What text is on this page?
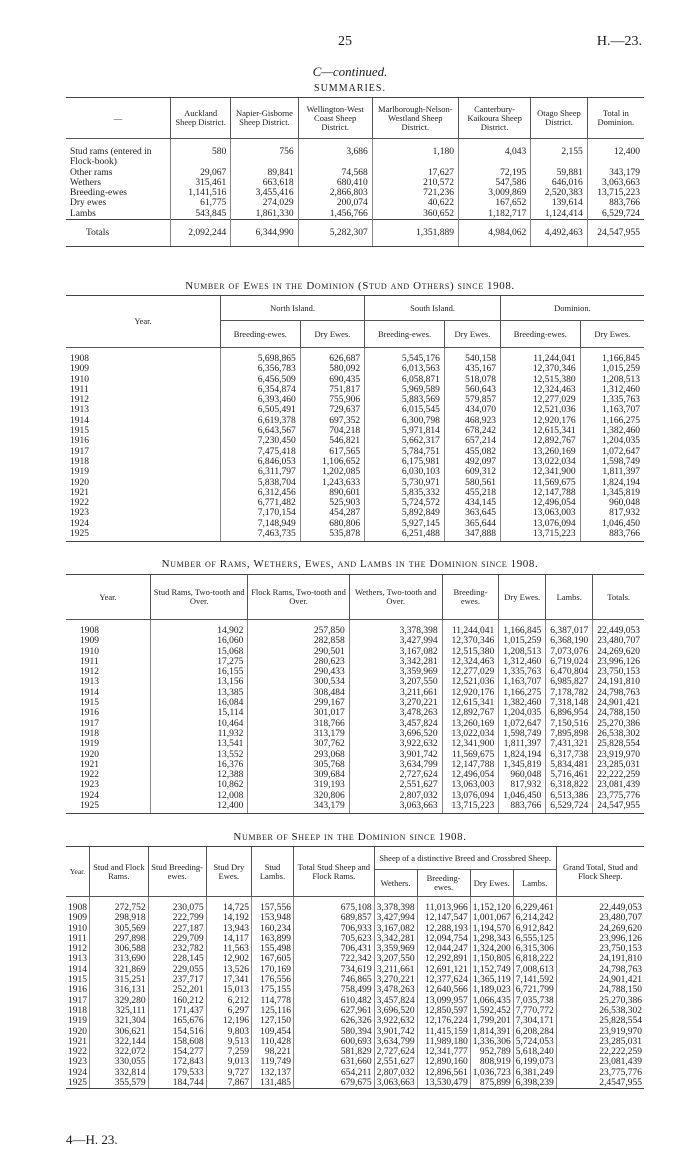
25	H.—23.
C—continued.
SUMMARIES.
—	Auckland Sheep District.	Napier-Gisborne Sheep District.	Wellington-West Coast Sheep District.	Marlborough-Nelson-Westland Sheep District.	Canterbury-Kaikoura Sheep District.	Otago Sheep District.	Total in Dominion.
Stud rams (entered in Flock-book)	580	756	3,686	1,180	4,043	2,155	12,400
Other rams	29,067	89,841	74,568	17,627	72,195	59,881	343,179
Wethers	315,461	663,618	680,410	210,572	547,586	646,016	3,063,663
Breeding-ewes	1,141,516	3,455,416	2,866,803	721,236	3,009,869	2,520,383	13,715,223
Dry ewes	61,775	274,029	200,074	40,622	167,652	139,614	883,766
Lambs	543,845	1,861,330	1,456,766	360,652	1,182,717	1,124,414	6,529,724
Totals	2,092,244	6,344,990	5,282,307	1,351,889	4,984,062	4,492,463	24,547,955
Number of Ewes in the Dominion (Stud and Others) since 1908.
Year.	North Island.		South Island.		Dominion.	
	Breeding-ewes.	Dry Ewes.	Breeding-ewes.	Dry Ewes.	Breeding-ewes.	Dry Ewes.
1908	5,698,865	626,687	5,545,176	540,158	11,244,041	1,166,845
1909	6,356,783	580,092	6,013,563	435,167	12,370,346	1,015,259
1910	6,456,509	690,435	6,058,871	518,078	12,515,380	1,208,513
1911	6,354,874	751,817	5,969,589	560,643	12,324,463	1,312,460
1912	6,393,460	755,906	5,883,569	579,857	12,277,029	1,335,763
1913	6,505,491	729,637	6,015,545	434,070	12,521,036	1,163,707
1914	6,619,378	697,352	6,300,798	468,923	12,920,176	1,166,275
1915	6,643,567	704,218	5,971,814	678,242	12,615,341	1,382,460
1916	7,230,450	546,821	5,662,317	657,214	12,892,767	1,204,035
1917	7,475,418	617,565	5,784,751	455,082	13,260,169	1,072,647
1918	6,846,053	1,106,652	6,175,981	492,097	13,022,034	1,598,749
1919	6,311,797	1,202,085	6,030,103	609,312	12,341,900	1,811,397
1920	5,838,704	1,243,633	5,730,971	580,561	11,569,675	1,824,194
1921	6,312,456	890,601	5,835,332	455,218	12,147,788	1,345,819
1922	6,771,482	525,903	5,724,572	434,145	12,496,054	960,048
1923	7,170,154	454,287	5,892,849	363,645	13,063,003	817,932
1924	7,148,949	680,806	5,927,145	365,644	13,076,094	1,046,450
1925	7,463,735	535,878	6,251,488	347,888	13,715,223	883,766
Number of Rams, Wethers, Ewes, and Lambs in the Dominion since 1908.
Year.	Stud Rams, Two-tooth and Over.	Flock Rams, Two-tooth and Over.	Wethers, Two-tooth and Over.	Breeding-ewes.	Dry Ewes.	Lambs.	Totals.
1908	14,902	257,850	3,378,398	11,244,041	1,166,845	6,387,017	22,449,053
1909	16,060	282,858	3,427,994	12,370,346	1,015,259	6,368,190	23,480,707
1910	15,068	290,501	3,167,082	12,515,380	1,208,513	7,073,076	24,269,620
1911	17,275	280,623	3,342,281	12,324,463	1,312,460	6,719,024	23,996,126
1912	16,155	290,433	3,359,969	12,277,029	1,335,763	6,470,804	23,750,153
1913	13,156	300,534	3,207,550	12,521,036	1,163,707	6,985,827	24,191,810
1914	13,385	308,484	3,211,661	12,920,176	1,166,275	7,178,782	24,798,763
1915	16,084	299,167	3,270,221	12,615,341	1,382,460	7,318,148	24,901,421
1916	15,114	301,017	3,478,263	12,892,767	1,204,035	6,896,954	24,788,150
1917	10,464	318,766	3,457,824	13,260,169	1,072,647	7,150,516	25,270,386
1918	11,932	313,179	3,696,520	13,022,034	1,598,749	7,895,898	26,538,302
1919	13,541	307,762	3,922,632	12,341,900	1,811,397	7,431,321	25,828,554
1920	13,552	293,068	3,901,742	11,569,675	1,824,194	6,317,738	23,919,970
1921	16,376	305,768	3,634,799	12,147,788	1,345,819	5,834,481	23,285,031
1922	12,388	309,684	2,727,624	12,496,054	960,048	5,716,461	22,222,259
1923	10,862	319,193	2,551,627	13,063,003	817,932	6,318,822	23,081,439
1924	12,008	320,806	2,807,032	13,076,094	1,046,450	6,513,386	23,775,776
1925	12,400	343,179	3,063,663	13,715,223	883,766	6,529,724	24,547,955
Number of Sheep in the Dominion since 1908.
Year.	Stud and Flock Rams.	Stud Breeding-ewes.	Stud Dry Ewes.	Stud Lambs.	Total Stud Sheep and Flock Rams.	Sheep of a distinctive Breed and Crossbred Sheep.				Grand Total, Stud and Flock Sheep.
						Wethers.	Breeding-ewes.	Dry Ewes.	Lambs.	
1908	272,752	230,075	14,725	157,556	675,108	3,378,398	11,013,966	1,152,120	6,229,461	22,449,053
1909	298,918	222,799	14,192	153,948	689,857	3,427,994	12,147,547	1,001,067	6,214,242	23,480,707
1910	305,569	227,187	13,943	160,234	706,933	3,167,082	12,288,193	1,194,570	6,912,842	24,269,620
1911	297,898	229,709	14,117	163,899	705,623	3,342,281	12,094,754	1,298,343	6,555,125	23,996,126
1912	306,588	232,782	11,563	155,498	706,431	3,359,969	12,044,247	1,324,200	6,315,306	23,750,153
1913	313,690	228,145	12,902	167,605	722,342	3,207,550	12,292,891	1,150,805	6,818,222	24,191,810
1914	321,869	229,055	13,526	170,169	734,619	3,211,661	12,691,121	1,152,749	7,008,613	24,798,763
1915	315,251	237,717	17,341	176,556	746,865	3,270,221	12,377,624	1,365,119	7,141,592	24,901,421
1916	316,131	252,201	15,013	175,155	758,499	3,478,263	12,640,566	1,189,023	6,721,799	24,788,150
1917	329,280	160,212	6,212	114,778	610,482	3,457,824	13,099,957	1,066,435	7,035,738	25,270,386
1918	325,111	171,437	6,297	125,116	627,961	3,696,520	12,850,597	1,592,452	7,770,772	26,538,302
1919	321,304	165,676	12,196	127,150	626,326	3,922,632	12,176,224	1,799,201	7,304,171	25,828,554
1920	306,621	154,516	9,803	109,454	580,394	3,901,742	11,415,159	1,814,391	6,208,284	23,919,970
1921	322,144	158,608	9,513	110,428	600,693	3,634,799	11,989,180	1,336,306	5,724,053	23,285,031
1922	322,072	154,277	7,259	98,221	581,829	2,727,624	12,341,777	952,789	5,618,240	22,222,259
1923	330,055	172,843	9,013	119,749	631,660	2,551,627	12,890,160	808,919	6,199,073	23,081,439
1924	332,814	179,533	9,727	132,137	654,211	2,807,032	12,896,561	1,036,723	6,381,249	23,775,776
1925	355,579	184,744	7,867	131,485	679,675	3,063,663	13,530,479	875,899	6,398,239	2,4547,955
4—H. 23.
